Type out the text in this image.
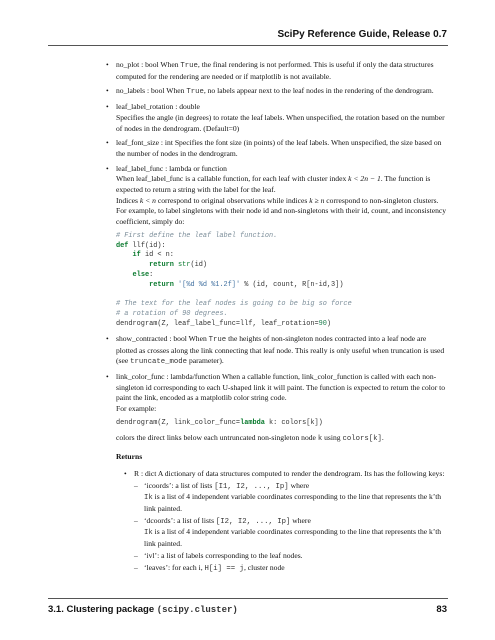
SciPy Reference Guide, Release 0.7
• no_plot : bool When True, the final rendering is not performed. This is useful if only the data structures computed for the rendering are needed or if matplotlib is not available.

• no_labels : bool When True, no labels appear next to the leaf nodes in the rendering of the dendrogram.

• leaf_label_rotation : double

Specifies the angle (in degrees) to rotate the leaf labels. When unspecified, the rotation based on the number of nodes in the dendrogram. (Default=0)

• leaf_font_size : int Specifies the font size (in points) of the leaf labels. When unspecified, the size based on the number of nodes in the dendrogram.

• leaf_label_func : lambda or function

When leaf_label_func is a callable function, for each leaf with cluster index k < 2n − 1. The function is expected to return a string with the label for the leaf.

Indices k < n correspond to original observations while indices k ≥ n correspond to non-singleton clusters.

For example, to label singletons with their node id and non-singletons with their id, count, and inconsistency coefficient, simply do:

# First define the leaf label function.
def llf(id):
if id < n:
return str(id)
else:
return '[%d %d %1.2f]' % (id, count, R[n-id,3])

# The text for the leaf nodes is going to be big so force
# a rotation of 90 degrees.
dendrogram(Z, leaf_label_func=llf, leaf_rotation=90)
• show_contracted : bool When True the heights of non-singleton nodes contracted into a leaf node are plotted as crosses along the link connecting that leaf node. This really is only useful when truncation is used (see truncate_mode parameter).

• link_color_func : lambda/function When a callable function, link_color_function is called with each non-singleton id corresponding to each U-shaped link it will paint. The function is expected to return the color to paint the link, encoded as a matplotlib color string code.

For example:

dendrogram(Z, link_color_func=lambda k: colors[k])

colors the direct links below each untruncated non-singleton node k using colors[k].

Returns

• R : dict A dictionary of data structures computed to render the dendrogram. Its has the following keys:

– ‘icoords’: a list of lists [I1, I2, ..., Ip] where

Ik is a list of 4 independent variable coordinates corresponding to the line that represents the k’th link painted.

– ‘dcoords’: a list of lists [I2, I2, ..., Ip] where

Ik is a list of 4 independent variable coordinates corresponding to the line that represents the k’th link painted.

– ‘ivl’: a list of labels corresponding to the leaf nodes.

– ‘leaves’: for each i, H[i] == j, cluster node

3.1. Clustering package (scipy.cluster)	83
